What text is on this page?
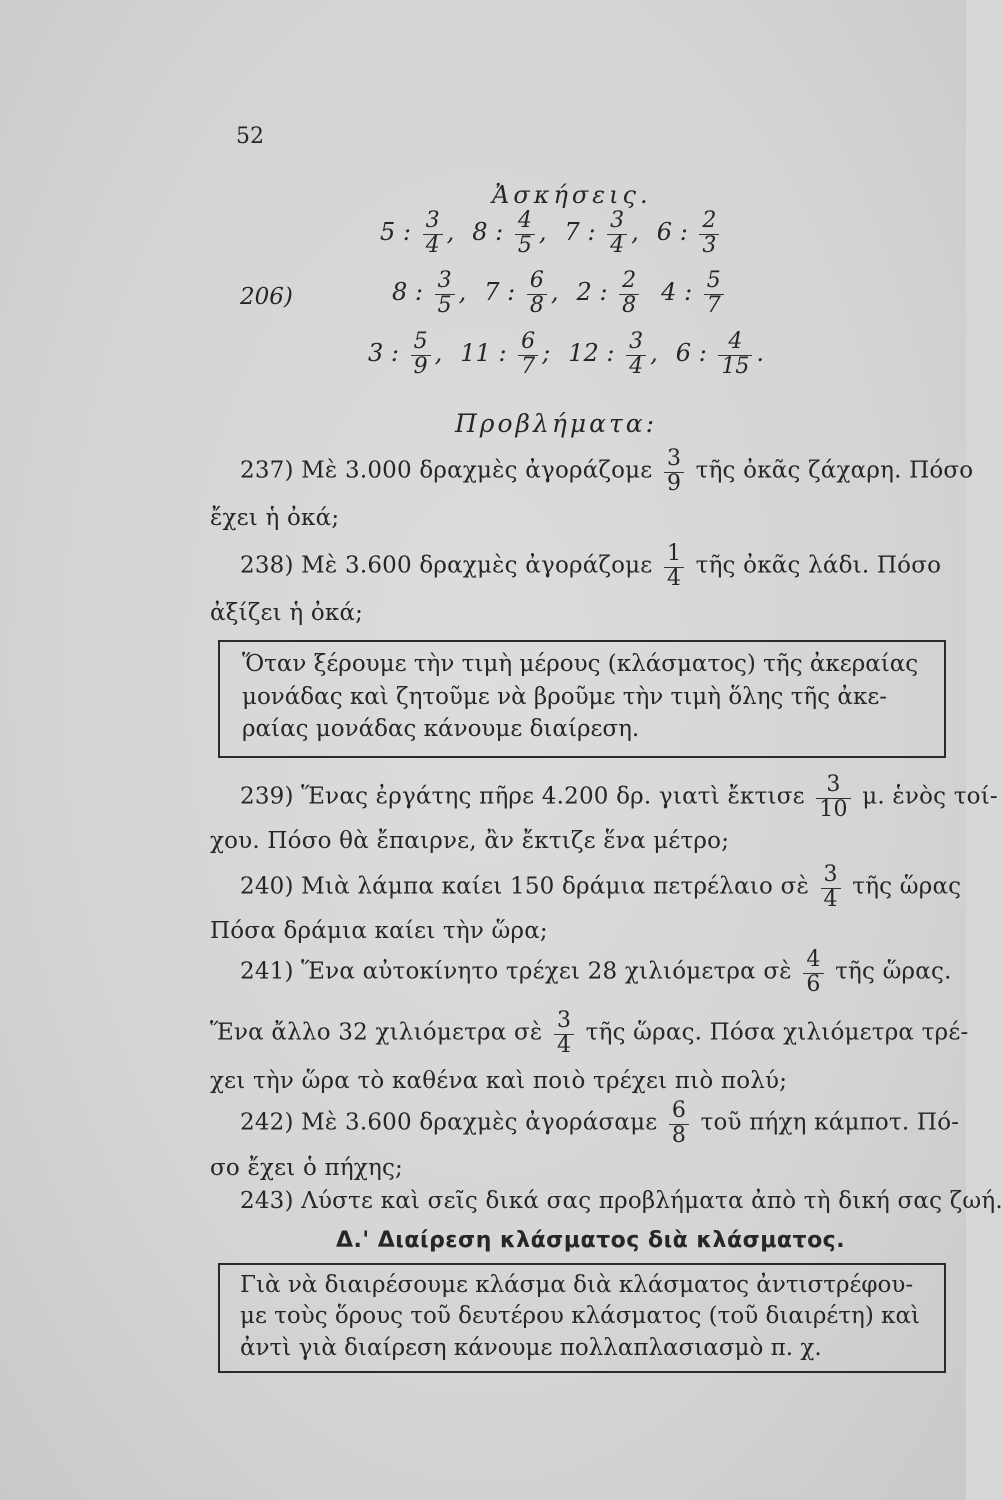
52
Ἀσκήσεις.
206)
5 : $\frac{3}{4}$ , 8 : $\frac{4}{5}$ , 7 : $\frac{3}{4}$ , 6 : $\frac{2}{3}$
8 : $\frac{3}{5}$ , 7 : $\frac{6}{8}$ , 2 : $\frac{2}{8} 4$ : $\frac{5}{7}$
3 : $\frac{5}{9}$ , 11 : $\frac{6}{7}$ ; 12 : $\frac{3}{4}$ , 6 : $\frac{4}{15}$ .
Προβλήματα:
237) Μὲ 3.000 δραχμὲς ἀγοράζομε $\frac{3}{9}$ τῆς ὀκᾶς ζάχαρη. Πόσο
ἔχει ἡ ὀκά;
238) Μὲ 3.600 δραχμὲς ἀγοράζομε $\frac{1}{4}$ τῆς ὀκᾶς λάδι. Πόσο
ἀξίζει ἡ ὀκά;
Ὅταν ξέρουμε τὴν τιμὴ μέρους (κλάσματος) τῆς ἀκεραίας
μονάδας καὶ ζητοῦμε νὰ βροῦμε τὴν τιμὴ ὅλης τῆς ἀκε-
ραίας μονάδας κάνουμε διαίρεση.
239) Ἕνας ἐργάτης πῆρε 4.200 δρ. γιατὶ ἔκτισε $\frac{3}{10} \mu$. ἑνὸς τοί-
χου. Πόσο θὰ ἔπαιρνε, ἂν ἔκτιζε ἕνα μέτρο;
240) Μιὰ λάμπα καίει 150 δράμια πετρέλαιο σὲ $\frac{3}{4}$ τῆς ὥρας
Πόσα δράμια καίει τὴν ὥρα;
241) Ἕνα αὐτοκίνητο τρέχει 28 χιλιόμετρα σὲ $\frac{4}{6}$ τῆς ὥρας.
Ἕνα ἄλλο 32 χιλιόμετρα σὲ $\frac{3}{4}$ τῆς ὥρας. Πόσα χιλιόμετρα τρέ-
χει τὴν ὥρα τὸ καθένα καὶ ποιὸ τρέχει πιὸ πολύ;
242) Μὲ 3.600 δραχμὲς ἀγοράσαμε $\frac{6}{8}$ τοῦ πήχη κάμποτ. Πό-
σο ἔχει ὁ πήχης;
243) Λύστε καὶ σεῖς δικά σας προβλήματα ἀπὸ τὴ δική σας ζωή.
Δ.' Διαίρεση κλάσματος διὰ κλάσματος.
Γιὰ νὰ διαιρέσουμε κλάσμα διὰ κλάσματος ἀντιστρέφου-
με τοὺς ὅρους τοῦ δευτέρου κλάσματος (τοῦ διαιρέτη) καὶ
ἀντὶ γιὰ διαίρεση κάνουμε πολλαπλασιασμὸ π. χ.
